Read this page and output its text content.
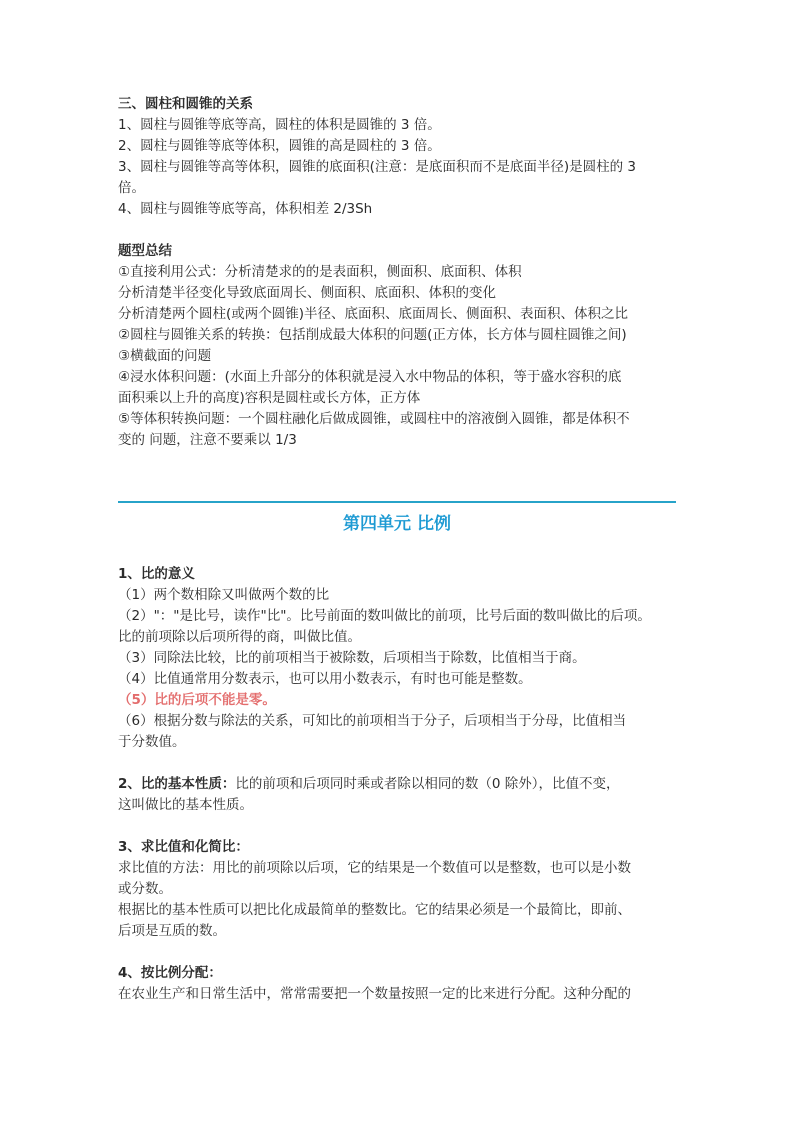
三、圆柱和圆锥的关系
1、圆柱与圆锥等底等高，圆柱的体积是圆锥的 3 倍。
2、圆柱与圆锥等底等体积，圆锥的高是圆柱的 3 倍。
3、圆柱与圆锥等高等体积，圆锥的底面积(注意：是底面积而不是底面半径)是圆柱的 3
倍。
4、圆柱与圆锥等底等高，体积相差 2/3Sh
题型总结
①直接利用公式：分析清楚求的的是表面积，侧面积、底面积、体积
分析清楚半径变化导致底面周长、侧面积、底面积、体积的变化
分析清楚两个圆柱(或两个圆锥)半径、底面积、底面周长、侧面积、表面积、体积之比
②圆柱与圆锥关系的转换：包括削成最大体积的问题(正方体，长方体与圆柱圆锥之间)
③横截面的问题
④浸水体积问题：(水面上升部分的体积就是浸入水中物品的体积，等于盛水容积的底
面积乘以上升的高度)容积是圆柱或长方体，正方体
⑤等体积转换问题：一个圆柱融化后做成圆锥，或圆柱中的溶液倒入圆锥，都是体积不
变的 问题，注意不要乘以 1/3
第四单元 比例
1、比的意义
（1）两个数相除又叫做两个数的比
（2）"："是比号，读作"比"。比号前面的数叫做比的前项，比号后面的数叫做比的后项。
比的前项除以后项所得的商，叫做比值。
（3）同除法比较，比的前项相当于被除数，后项相当于除数，比值相当于商。
（4）比值通常用分数表示，也可以用小数表示，有时也可能是整数。
（5）比的后项不能是零。
（6）根据分数与除法的关系，可知比的前项相当于分子，后项相当于分母，比值相当
于分数值。
2、比的基本性质：比的前项和后项同时乘或者除以相同的数（0 除外），比值不变，
这叫做比的基本性质。
3、求比值和化简比：
求比值的方法：用比的前项除以后项，它的结果是一个数值可以是整数，也可以是小数
或分数。
根据比的基本性质可以把比化成最简单的整数比。它的结果必须是一个最简比，即前、
后项是互质的数。
4、按比例分配：
在农业生产和日常生活中，常常需要把一个数量按照一定的比来进行分配。这种分配的
